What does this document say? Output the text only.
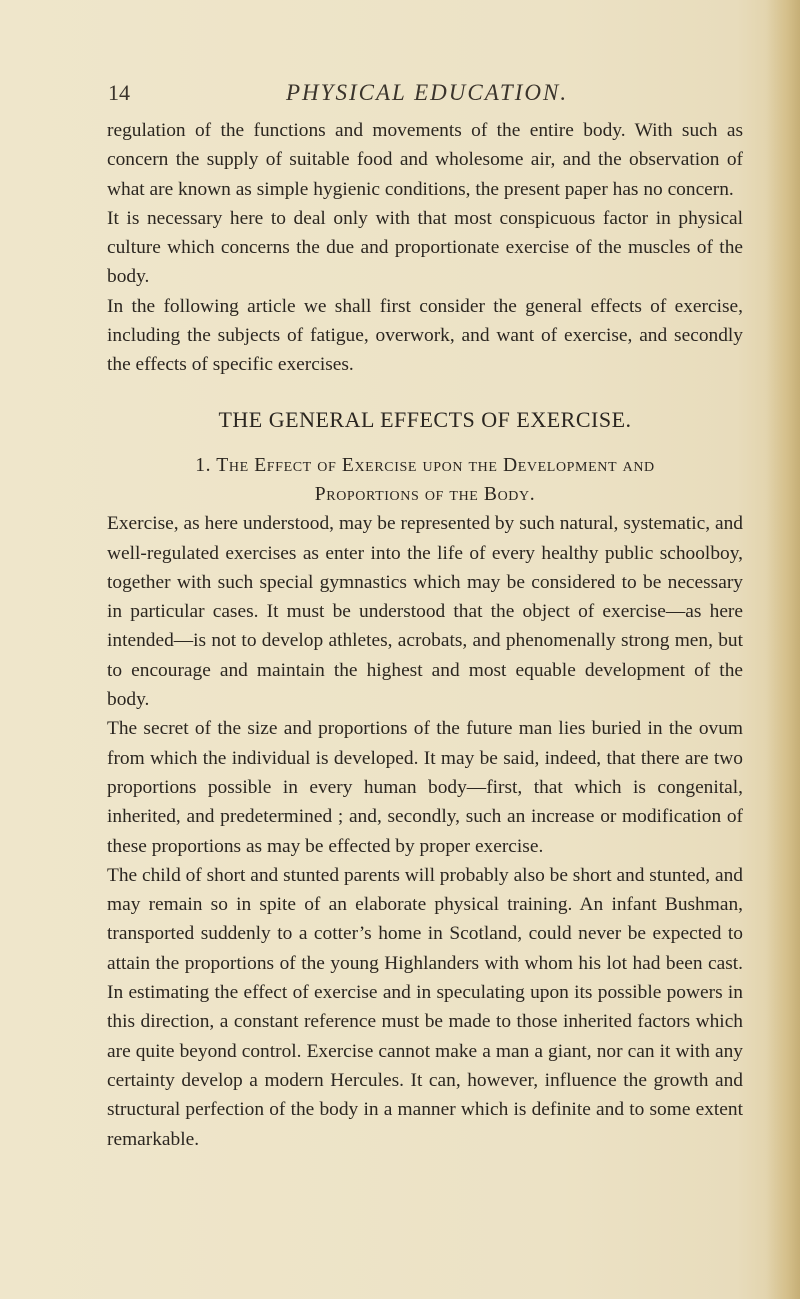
14	PHYSICAL EDUCATION.

regulation of the functions and movements of the entire body. With such as concern the supply of suitable food and wholesome air, and the observation of what are known as simple hygienic conditions, the present paper has no concern.

It is necessary here to deal only with that most conspicuous factor in physical culture which concerns the due and proportionate exercise of the muscles of the body.

In the following article we shall first consider the general effects of exercise, including the subjects of fatigue, overwork, and want of exercise, and secondly the effects of specific exercises.

THE GENERAL EFFECTS OF EXERCISE.
1. The Effect of Exercise upon the Development and
Proportions of the Body.

Exercise, as here understood, may be represented by such natural, systematic, and well-regulated exercises as enter into the life of every healthy public schoolboy, together with such special gymnastics which may be considered to be necessary in particular cases. It must be understood that the object of exercise—as here intended—is not to develop athletes, acrobats, and phenomenally strong men, but to encourage and maintain the highest and most equable development of the body.

The secret of the size and proportions of the future man lies buried in the ovum from which the individual is developed. It may be said, indeed, that there are two proportions possible in every human body—first, that which is congenital, inherited, and predetermined ; and, secondly, such an increase or modification of these proportions as may be effected by proper exercise.

The child of short and stunted parents will probably also be short and stunted, and may remain so in spite of an elaborate physical training. An infant Bushman, transported suddenly to a cotter’s home in Scotland, could never be expected to attain the proportions of the young Highlanders with whom his lot had been cast. In estimating the effect of exercise and in speculating upon its possible powers in this direction, a constant reference must be made to those inherited factors which are quite beyond control. Exercise cannot make a man a giant, nor can it with any certainty develop a modern Hercules. It can, however, influence the growth and structural perfection of the body in a manner which is definite and to some extent remarkable.
